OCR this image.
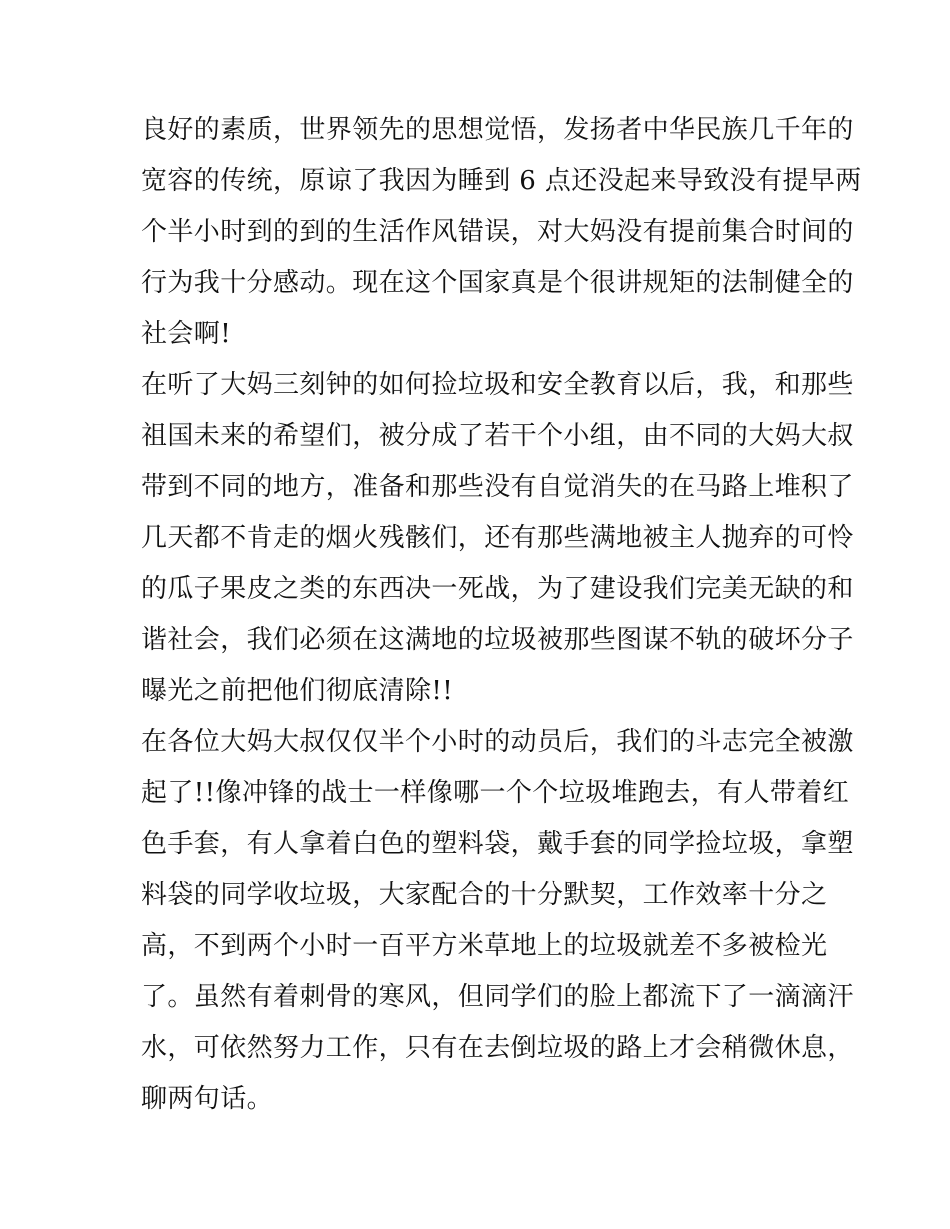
良好的素质，世界领先的思想觉悟，发扬者中华民族几千年的
宽容的传统，原谅了我因为睡到 6 点还没起来导致没有提早两
个半小时到的到的生活作风错误，对大妈没有提前集合时间的
行为我十分感动。现在这个国家真是个很讲规矩的法制健全的
社会啊!
在听了大妈三刻钟的如何捡垃圾和安全教育以后，我，和那些
祖国未来的希望们，被分成了若干个小组，由不同的大妈大叔
带到不同的地方，准备和那些没有自觉消失的在马路上堆积了
几天都不肯走的烟火残骸们，还有那些满地被主人抛弃的可怜
的瓜子果皮之类的东西决一死战，为了建设我们完美无缺的和
谐社会，我们必须在这满地的垃圾被那些图谋不轨的破坏分子
曝光之前把他们彻底清除!!
在各位大妈大叔仅仅半个小时的动员后，我们的斗志完全被激
起了!!像冲锋的战士一样像哪一个个垃圾堆跑去，有人带着红
色手套，有人拿着白色的塑料袋，戴手套的同学捡垃圾，拿塑
料袋的同学收垃圾，大家配合的十分默契，工作效率十分之
高，不到两个小时一百平方米草地上的垃圾就差不多被检光
了。虽然有着刺骨的寒风，但同学们的脸上都流下了一滴滴汗
水，可依然努力工作，只有在去倒垃圾的路上才会稍微休息，
聊两句话。
